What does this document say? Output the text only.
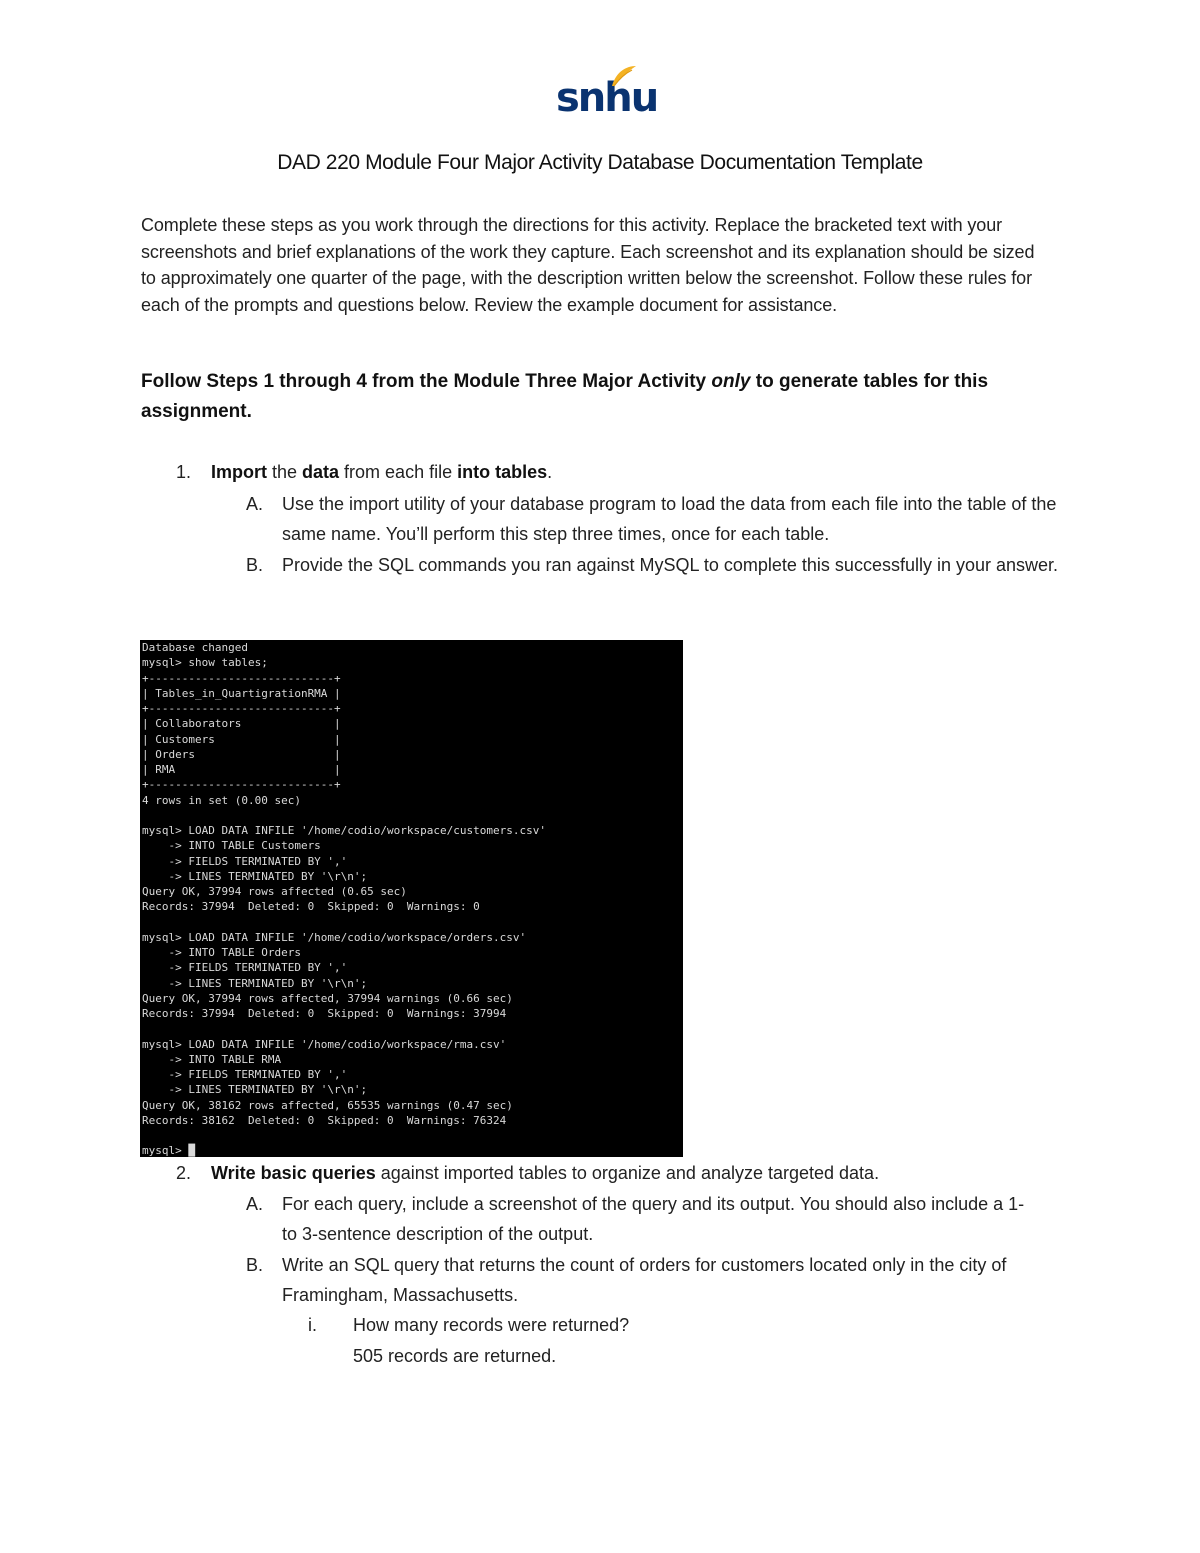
snhu
DAD 220 Module Four Major Activity Database Documentation Template
Complete these steps as you work through the directions for this activity. Replace the bracketed text with your screenshots and brief explanations of the work they capture. Each screenshot and its explanation should be sized to approximately one quarter of the page, with the description written below the screenshot. Follow these rules for each of the prompts and questions below. Review the example document for assistance.
Follow Steps 1 through 4 from the Module Three Major Activity only to generate tables for this assignment.
1. Import the data from each file into tables.
A. Use the import utility of your database program to load the data from each file into the table of the same name. You’ll perform this step three times, once for each table.
B. Provide the SQL commands you ran against MySQL to complete this successfully in your answer.
Database changed
mysql> show tables;
+----------------------------+
| Tables_in_QuartigrationRMA |
+----------------------------+
| Collaborators              |
| Customers                  |
| Orders                     |
| RMA                        |
+----------------------------+
4 rows in set (0.00 sec)

mysql> LOAD DATA INFILE '/home/codio/workspace/customers.csv'
-> INTO TABLE Customers
-> FIELDS TERMINATED BY ','
-> LINES TERMINATED BY '\r\n';
Query OK, 37994 rows affected (0.65 sec)
Records: 37994  Deleted: 0  Skipped: 0  Warnings: 0

mysql> LOAD DATA INFILE '/home/codio/workspace/orders.csv'
-> INTO TABLE Orders
-> FIELDS TERMINATED BY ','
-> LINES TERMINATED BY '\r\n';
Query OK, 37994 rows affected, 37994 warnings (0.66 sec)
Records: 37994  Deleted: 0  Skipped: 0  Warnings: 37994

mysql> LOAD DATA INFILE '/home/codio/workspace/rma.csv'
-> INTO TABLE RMA
-> FIELDS TERMINATED BY ','
-> LINES TERMINATED BY '\r\n';
Query OK, 38162 rows affected, 65535 warnings (0.47 sec)
Records: 38162  Deleted: 0  Skipped: 0  Warnings: 76324

mysql> █
2. Write basic queries against imported tables to organize and analyze targeted data.
A. For each query, include a screenshot of the query and its output. You should also include a 1- to 3-sentence description of the output.
B. Write an SQL query that returns the count of orders for customers located only in the city of Framingham, Massachusetts.
i. How many records were returned?
505 records are returned.
